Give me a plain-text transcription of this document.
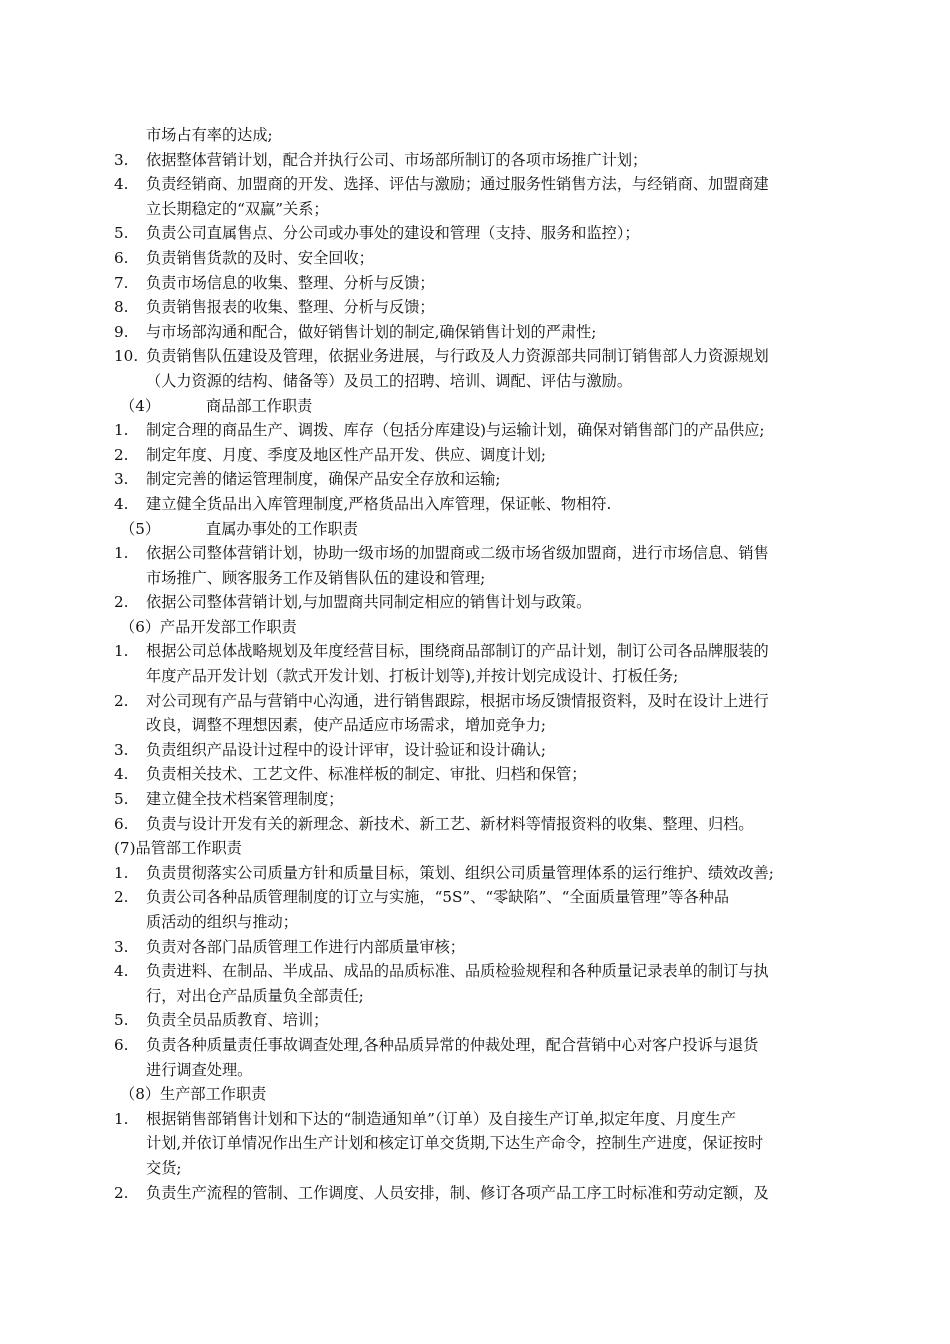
市场占有率的达成;
3.	依据整体营销计划，配合并执行公司、市场部所制订的各项市场推广计划；
4.	负责经销商、加盟商的开发、选择、评估与激励；通过服务性销售方法，与经销商、加盟商建
立长期稳定的“双赢”关系；
5.	负责公司直属售点、分公司或办事处的建设和管理（支持、服务和监控）；
6.	负责销售货款的及时、安全回收；
7.	负责市场信息的收集、整理、分析与反馈；
8.	负责销售报表的收集、整理、分析与反馈；
9.	与市场部沟通和配合，做好销售计划的制定,确保销售计划的严肃性;
10. 负责销售队伍建设及管理，依据业务进展，与行政及人力资源部共同制订销售部人力资源规划
（人力资源的结构、储备等）及员工的招聘、培训、调配、评估与激励。
（4）	商品部工作职责
1.	制定合理的商品生产、调拨、库存（包括分库建设)与运输计划，确保对销售部门的产品供应;
2.	制定年度、月度、季度及地区性产品开发、供应、调度计划;
3.	制定完善的储运管理制度，确保产品安全存放和运输;
4.	建立健全货品出入库管理制度,严格货品出入库管理，保证帐、物相符.
（5）	直属办事处的工作职责
1.	依据公司整体营销计划，协助一级市场的加盟商或二级市场省级加盟商，进行市场信息、销售
市场推广、顾客服务工作及销售队伍的建设和管理;
2.	依据公司整体营销计划,与加盟商共同制定相应的销售计划与政策。
（6）产品开发部工作职责
1.	根据公司总体战略规划及年度经营目标，围绕商品部制订的产品计划，制订公司各品牌服装的
年度产品开发计划（款式开发计划、打板计划等),并按计划完成设计、打板任务;
2.	对公司现有产品与营销中心沟通，进行销售跟踪，根据市场反馈情报资料，及时在设计上进行
改良，调整不理想因素，使产品适应市场需求，增加竞争力;
3.	负责组织产品设计过程中的设计评审，设计验证和设计确认;
4.	负责相关技术、工艺文件、标准样板的制定、审批、归档和保管；
5.	建立健全技术档案管理制度；
6.	负责与设计开发有关的新理念、新技术、新工艺、新材料等情报资料的收集、整理、归档。
(7)品管部工作职责
1.	负责贯彻落实公司质量方针和质量目标，策划、组织公司质量管理体系的运行维护、绩效改善;
2.	负责公司各种品质管理制度的订立与实施，“5S”、“零缺陷”、“全面质量管理”等各种品
质活动的组织与推动；
3.	负责对各部门品质管理工作进行内部质量审核；
4.	负责进料、在制品、半成品、成品的品质标准、品质检验规程和各种质量记录表单的制订与执
行，对出仓产品质量负全部责任;
5.	负责全员品质教育、培训；
6.	负责各种质量责任事故调查处理,各种品质异常的仲裁处理，配合营销中心对客户投诉与退货
进行调查处理。
（8）生产部工作职责
1.	根据销售部销售计划和下达的“制造通知单”（订单）及自接生产订单,拟定年度、月度生产
计划,并依订单情况作出生产计划和核定订单交货期,下达生产命令，控制生产进度，保证按时
交货;
2.	负责生产流程的管制、工作调度、人员安排，制、修订各项产品工序工时标准和劳动定额，及
